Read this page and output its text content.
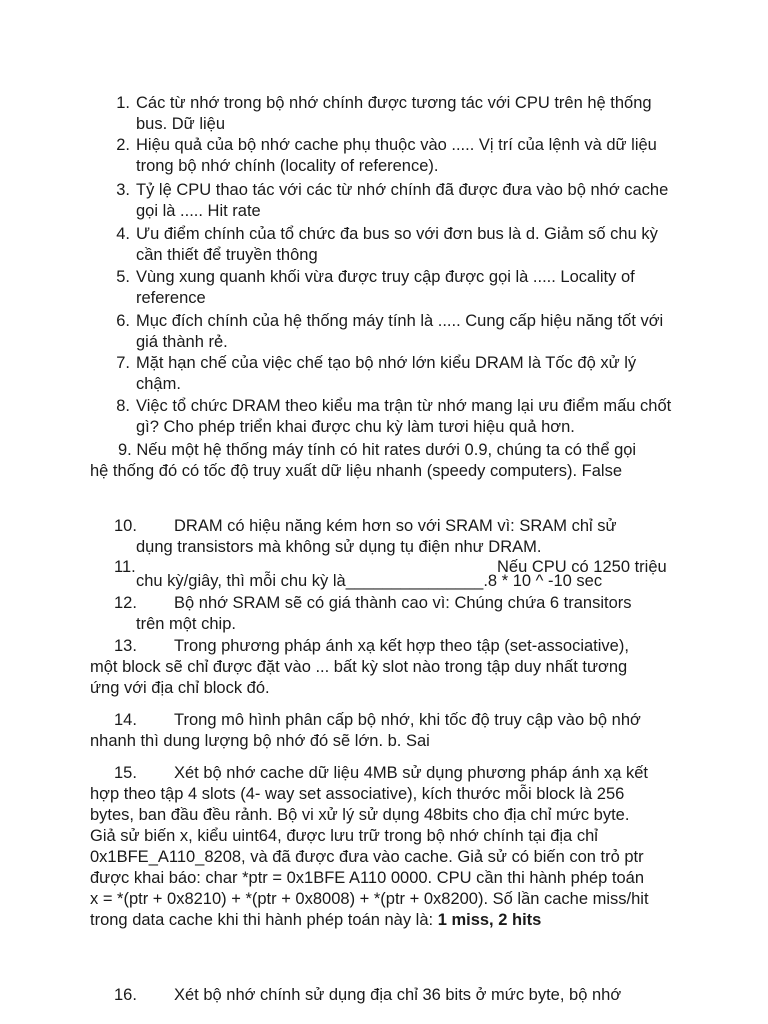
1. Các từ nhớ trong bộ nhớ chính được tương tác với CPU trên hệ thống bus. Dữ liệu
2. Hiệu quả của bộ nhớ cache phụ thuộc vào ..... Vị trí của lệnh và dữ liệu trong bộ nhớ chính (locality of reference).
3. Tỷ lệ CPU thao tác với các từ nhớ chính đã được đưa vào bộ nhớ cache gọi là ..... Hit rate
4. Ưu điểm chính của tổ chức đa bus so với đơn bus là d. Giảm số chu kỳ cần thiết để truyền thông
5. Vùng xung quanh khối vừa được truy cập được gọi là ..... Locality of reference
6. Mục đích chính của hệ thống máy tính là ..... Cung cấp hiệu năng tốt với giá thành rẻ.
7. Mặt hạn chế của việc chế tạo bộ nhớ lớn kiểu DRAM là Tốc độ xử lý chậm.
8. Việc tổ chức DRAM theo kiểu ma trận từ nhớ mang lại ưu điểm mấu chốt gì? Cho phép triển khai được chu kỳ làm tươi hiệu quả hơn.
9. Nếu một hệ thống máy tính có hit rates dưới 0.9, chúng ta có thể gọi hệ thống đó có tốc độ truy xuất dữ liệu nhanh (speedy computers). False
10.	DRAM có hiệu năng kém hơn so với SRAM vì: SRAM chỉ sử dụng transistors mà không sử dụng tụ điện như DRAM.
11.	Nếu CPU có 1250 triệu
chu kỳ/giây, thì mỗi chu kỳ là_______________.8 * 10 ^ -10 sec
12.	Bộ nhớ SRAM sẽ có giá thành cao vì: Chúng chứa 6 transitors trên một chip.
13. Trong phương pháp ánh xạ kết hợp theo tập (set-associative), một block sẽ chỉ được đặt vào ... bất kỳ slot nào trong tập duy nhất tương ứng với địa chỉ block đó.
14. Trong mô hình phân cấp bộ nhớ, khi tốc độ truy cập vào bộ nhớ nhanh thì dung lượng bộ nhớ đó sẽ lớn. b. Sai
15. Xét bộ nhớ cache dữ liệu 4MB sử dụng phương pháp ánh xạ kết hợp theo tập 4 slots (4- way set associative), kích thước mỗi block là 256 bytes, ban đầu đều rảnh. Bộ vi xử lý sử dụng 48bits cho địa chỉ mức byte. Giả sử biến x, kiểu uint64, được lưu trữ trong bộ nhớ chính tại địa chỉ 0x1BFE_A110_8208, và đã được đưa vào cache. Giả sử có biến con trỏ ptr được khai báo: char *ptr = 0x1BFE A110 0000. CPU cần thi hành phép toán x = *(ptr + 0x8210) + *(ptr + 0x8008) + *(ptr + 0x8200). Số lần cache miss/hit trong data cache khi thi hành phép toán này là: 1 miss, 2 hits
16. Xét bộ nhớ chính sử dụng địa chỉ 36 bits ở mức byte, bộ nhớ
